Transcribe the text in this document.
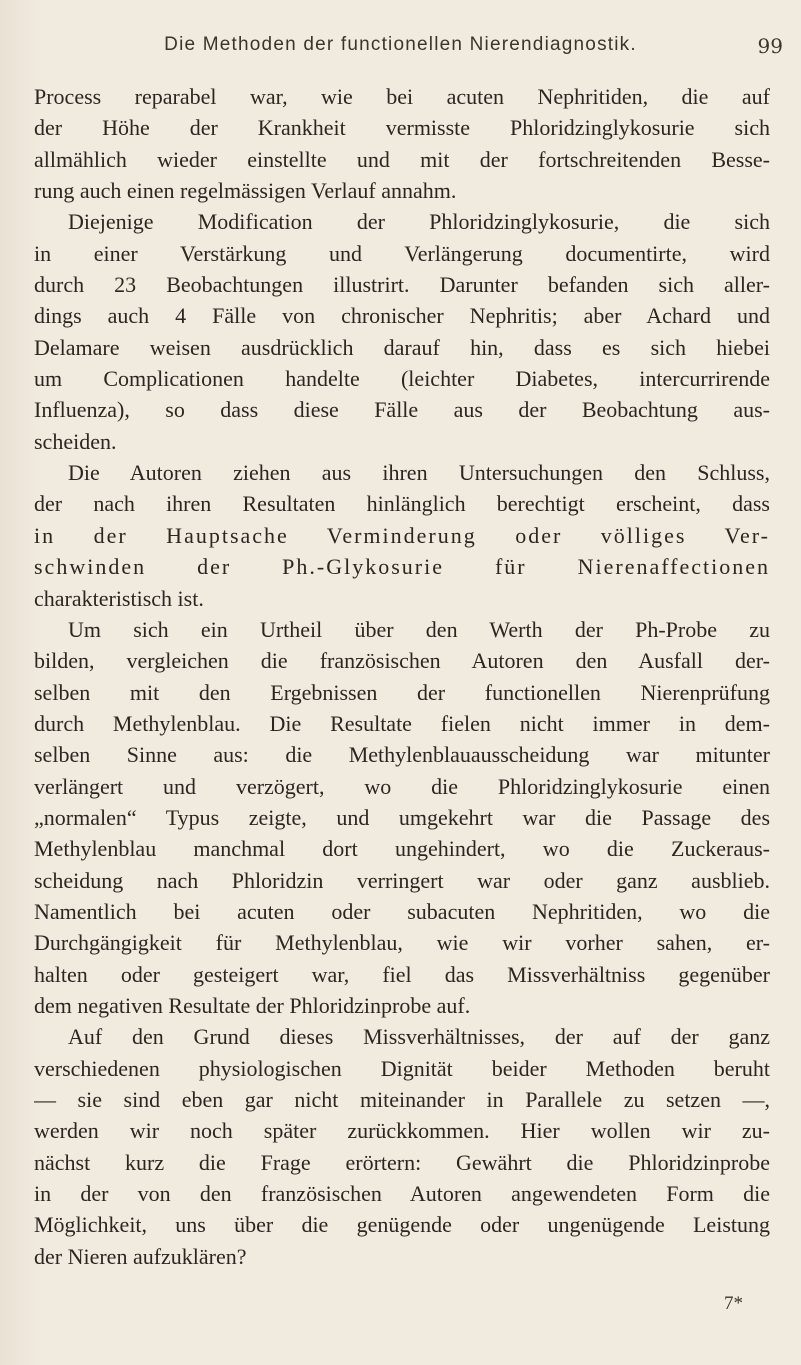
Die Methoden der functionellen Nierendiagnostik.	99
Process reparabel war, wie bei acuten Nephritiden, die auf
der Höhe der Krankheit vermisste Phloridzinglykosurie sich
allmählich wieder einstellte und mit der fortschreitenden Besse-
rung auch einen regelmässigen Verlauf annahm.
Diejenige Modification der Phloridzinglykosurie, die sich
in einer Verstärkung und Verlängerung documentirte, wird
durch 23 Beobachtungen illustrirt. Darunter befanden sich aller-
dings auch 4 Fälle von chronischer Nephritis; aber Achard und
Delamare weisen ausdrücklich darauf hin, dass es sich hiebei
um Complicationen handelte (leichter Diabetes, intercurrirende
Influenza), so dass diese Fälle aus der Beobachtung aus-
scheiden.
Die Autoren ziehen aus ihren Untersuchungen den Schluss,
der nach ihren Resultaten hinlänglich berechtigt erscheint, dass
in der Hauptsache Verminderung oder völliges Ver-
schwinden der Ph.-Glykosurie für Nierenaffectionen
charakteristisch ist.
Um sich ein Urtheil über den Werth der Ph-Probe zu
bilden, vergleichen die französischen Autoren den Ausfall der-
selben mit den Ergebnissen der functionellen Nierenprüfung
durch Methylenblau. Die Resultate fielen nicht immer in dem-
selben Sinne aus: die Methylenblauausscheidung war mitunter
verlängert und verzögert, wo die Phloridzinglykosurie einen
„normalen“ Typus zeigte, und umgekehrt war die Passage des
Methylenblau manchmal dort ungehindert, wo die Zuckeraus-
scheidung nach Phloridzin verringert war oder ganz ausblieb.
Namentlich bei acuten oder subacuten Nephritiden, wo die
Durchgängigkeit für Methylenblau, wie wir vorher sahen, er-
halten oder gesteigert war, fiel das Missverhältniss gegenüber
dem negativen Resultate der Phloridzinprobe auf.
Auf den Grund dieses Missverhältnisses, der auf der ganz
verschiedenen physiologischen Dignität beider Methoden beruht
— sie sind eben gar nicht miteinander in Parallele zu setzen —,
werden wir noch später zurückkommen. Hier wollen wir zu-
nächst kurz die Frage erörtern: Gewährt die Phloridzinprobe
in der von den französischen Autoren angewendeten Form die
Möglichkeit, uns über die genügende oder ungenügende Leistung
der Nieren aufzuklären?
7*
